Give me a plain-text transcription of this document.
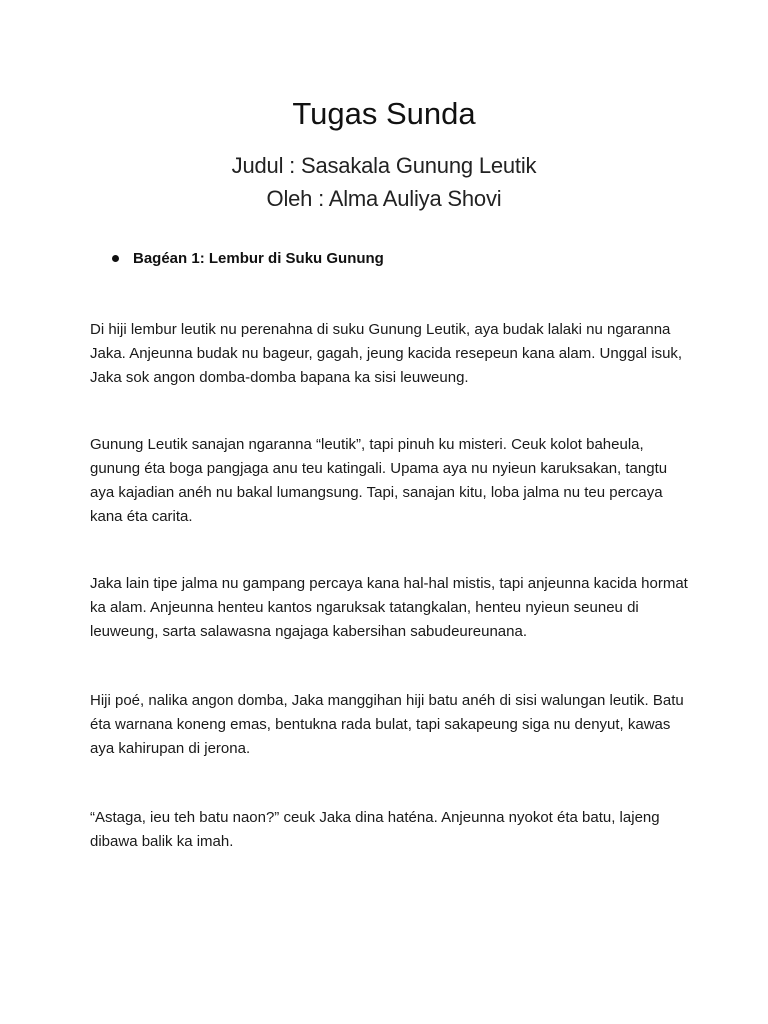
Tugas Sunda
Judul : Sasakala Gunung Leutik
Oleh : Alma Auliya Shovi
Bagéan 1: Lembur di Suku Gunung

Di hiji lembur leutik nu perenahna di suku Gunung Leutik, aya budak lalaki nu ngaranna Jaka. Anjeunna budak nu bageur, gagah, jeung kacida resepeun kana alam. Unggal isuk, Jaka sok angon domba-domba bapana ka sisi leuweung.

Gunung Leutik sanajan ngaranna “leutik”, tapi pinuh ku misteri. Ceuk kolot baheula, gunung éta boga pangjaga anu teu katingali. Upama aya nu nyieun karuksakan, tangtu aya kajadian anéh nu bakal lumangsung. Tapi, sanajan kitu, loba jalma nu teu percaya kana éta carita.

Jaka lain tipe jalma nu gampang percaya kana hal-hal mistis, tapi anjeunna kacida hormat ka alam. Anjeunna henteu kantos ngaruksak tatangkalan, henteu nyieun seuneu di leuweung, sarta salawasna ngajaga kabersihan sabudeureunana.

Hiji poé, nalika angon domba, Jaka manggihan hiji batu anéh di sisi walungan leutik. Batu éta warnana koneng emas, bentukna rada bulat, tapi sakapeung siga nu denyut, kawas aya kahirupan di jerona.

“Astaga, ieu teh batu naon?” ceuk Jaka dina haténa. Anjeunna nyokot éta batu, lajeng dibawa balik ka imah.
